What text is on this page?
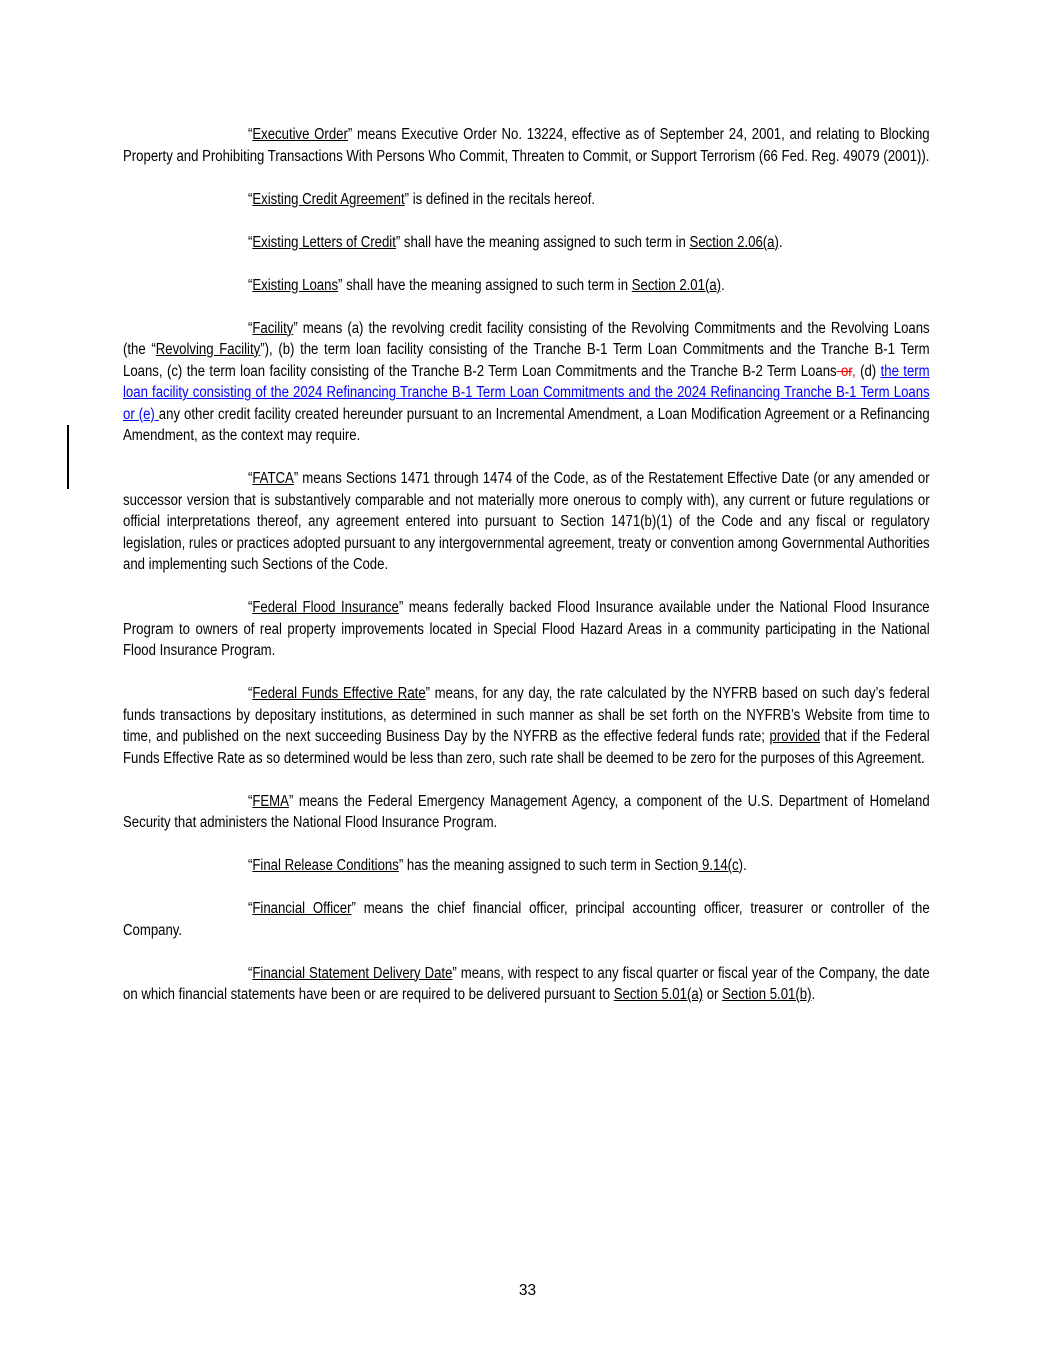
“Executive Order” means Executive Order No. 13224, effective as of September 24, 2001, and relating to Blocking Property and Prohibiting Transactions With Persons Who Commit, Threaten to Commit, or Support Terrorism (66 Fed. Reg. 49079 (2001)).

“Existing Credit Agreement” is defined in the recitals hereof.

“Existing Letters of Credit” shall have the meaning assigned to such term in Section 2.06(a).

“Existing Loans” shall have the meaning assigned to such term in Section 2.01(a).

“Facility” means (a) the revolving credit facility consisting of the Revolving Commitments and the Revolving Loans (the “Revolving Facility”), (b) the term loan facility consisting of the Tranche B-1 Term Loan Commitments and the Tranche B-1 Term Loans, (c) the term loan facility consisting of the Tranche B-2 Term Loan Commitments and the Tranche B-2 Term Loans or, (d) the term loan facility consisting of the 2024 Refinancing Tranche B-1 Term Loan Commitments and the 2024 Refinancing Tranche B-1 Term Loans or (e) any other credit facility created hereunder pursuant to an Incremental Amendment, a Loan Modification Agreement or a Refinancing Amendment, as the context may require.

“FATCA” means Sections 1471 through 1474 of the Code, as of the Restatement Effective Date (or any amended or successor version that is substantively comparable and not materially more onerous to comply with), any current or future regulations or official interpretations thereof, any agreement entered into pursuant to Section 1471(b)(1) of the Code and any fiscal or regulatory legislation, rules or practices adopted pursuant to any intergovernmental agreement, treaty or convention among Governmental Authorities and implementing such Sections of the Code.

“Federal Flood Insurance” means federally backed Flood Insurance available under the National Flood Insurance Program to owners of real property improvements located in Special Flood Hazard Areas in a community participating in the National Flood Insurance Program.

“Federal Funds Effective Rate” means, for any day, the rate calculated by the NYFRB based on such day’s federal funds transactions by depositary institutions, as determined in such manner as shall be set forth on the NYFRB’s Website from time to time, and published on the next succeeding Business Day by the NYFRB as the effective federal funds rate; provided that if the Federal Funds Effective Rate as so determined would be less than zero, such rate shall be deemed to be zero for the purposes of this Agreement.

“FEMA” means the Federal Emergency Management Agency, a component of the U.S. Department of Homeland Security that administers the National Flood Insurance Program.

“Final Release Conditions” has the meaning assigned to such term in Section 9.14(c).

“Financial Officer” means the chief financial officer, principal accounting officer, treasurer or controller of the Company.

“Financial Statement Delivery Date” means, with respect to any fiscal quarter or fiscal year of the Company, the date on which financial statements have been or are required to be delivered pursuant to Section 5.01(a) or Section 5.01(b).

33
